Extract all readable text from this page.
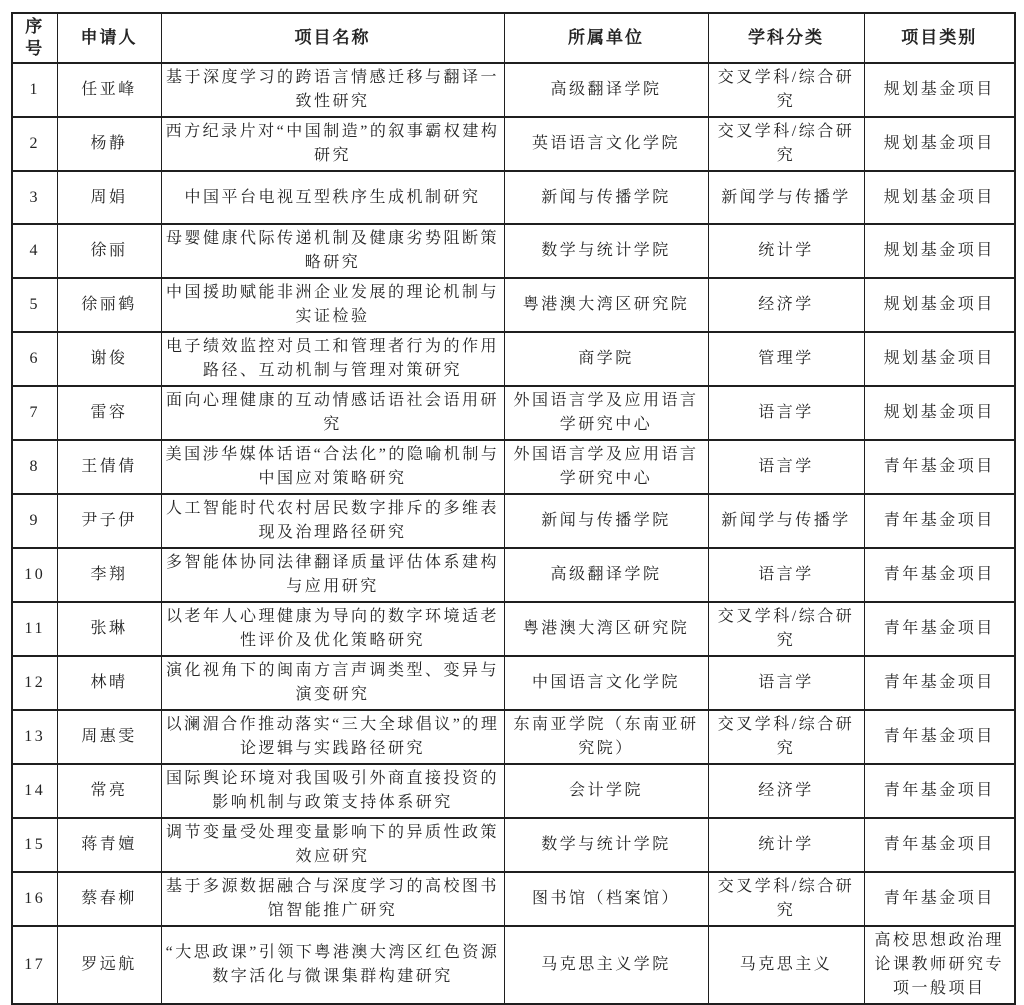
序号	申请人	项目名称	所属单位	学科分类	项目类别
1	任亚峰	基于深度学习的跨语言情感迁移与翻译一致性研究	高级翻译学院	交叉学科/综合研究	规划基金项目
2	杨静	西方纪录片对“中国制造”的叙事霸权建构研究	英语语言文化学院	交叉学科/综合研究	规划基金项目
3	周娟	中国平台电视互型秩序生成机制研究	新闻与传播学院	新闻学与传播学	规划基金项目
4	徐丽	母婴健康代际传递机制及健康劣势阻断策略研究	数学与统计学院	统计学	规划基金项目
5	徐丽鹤	中国援助赋能非洲企业发展的理论机制与实证检验	粤港澳大湾区研究院	经济学	规划基金项目
6	谢俊	电子绩效监控对员工和管理者行为的作用路径、互动机制与管理对策研究	商学院	管理学	规划基金项目
7	雷容	面向心理健康的互动情感话语社会语用研究	外国语言学及应用语言学研究中心	语言学	规划基金项目
8	王倩倩	美国涉华媒体话语“合法化”的隐喻机制与中国应对策略研究	外国语言学及应用语言学研究中心	语言学	青年基金项目
9	尹子伊	人工智能时代农村居民数字排斥的多维表现及治理路径研究	新闻与传播学院	新闻学与传播学	青年基金项目
10	李翔	多智能体协同法律翻译质量评估体系建构与应用研究	高级翻译学院	语言学	青年基金项目
11	张琳	以老年人心理健康为导向的数字环境适老性评价及优化策略研究	粤港澳大湾区研究院	交叉学科/综合研究	青年基金项目
12	林晴	演化视角下的闽南方言声调类型、变异与演变研究	中国语言文化学院	语言学	青年基金项目
13	周惠雯	以澜湄合作推动落实“三大全球倡议”的理论逻辑与实践路径研究	东南亚学院（东南亚研究院）	交叉学科/综合研究	青年基金项目
14	常亮	国际舆论环境对我国吸引外商直接投资的影响机制与政策支持体系研究	会计学院	经济学	青年基金项目
15	蒋青嬗	调节变量受处理变量影响下的异质性政策效应研究	数学与统计学院	统计学	青年基金项目
16	蔡春柳	基于多源数据融合与深度学习的高校图书馆智能推广研究	图书馆（档案馆）	交叉学科/综合研究	青年基金项目
17	罗远航	“大思政课”引领下粤港澳大湾区红色资源数字活化与微课集群构建研究	马克思主义学院	马克思主义	高校思想政治理论课教师研究专项一般项目
